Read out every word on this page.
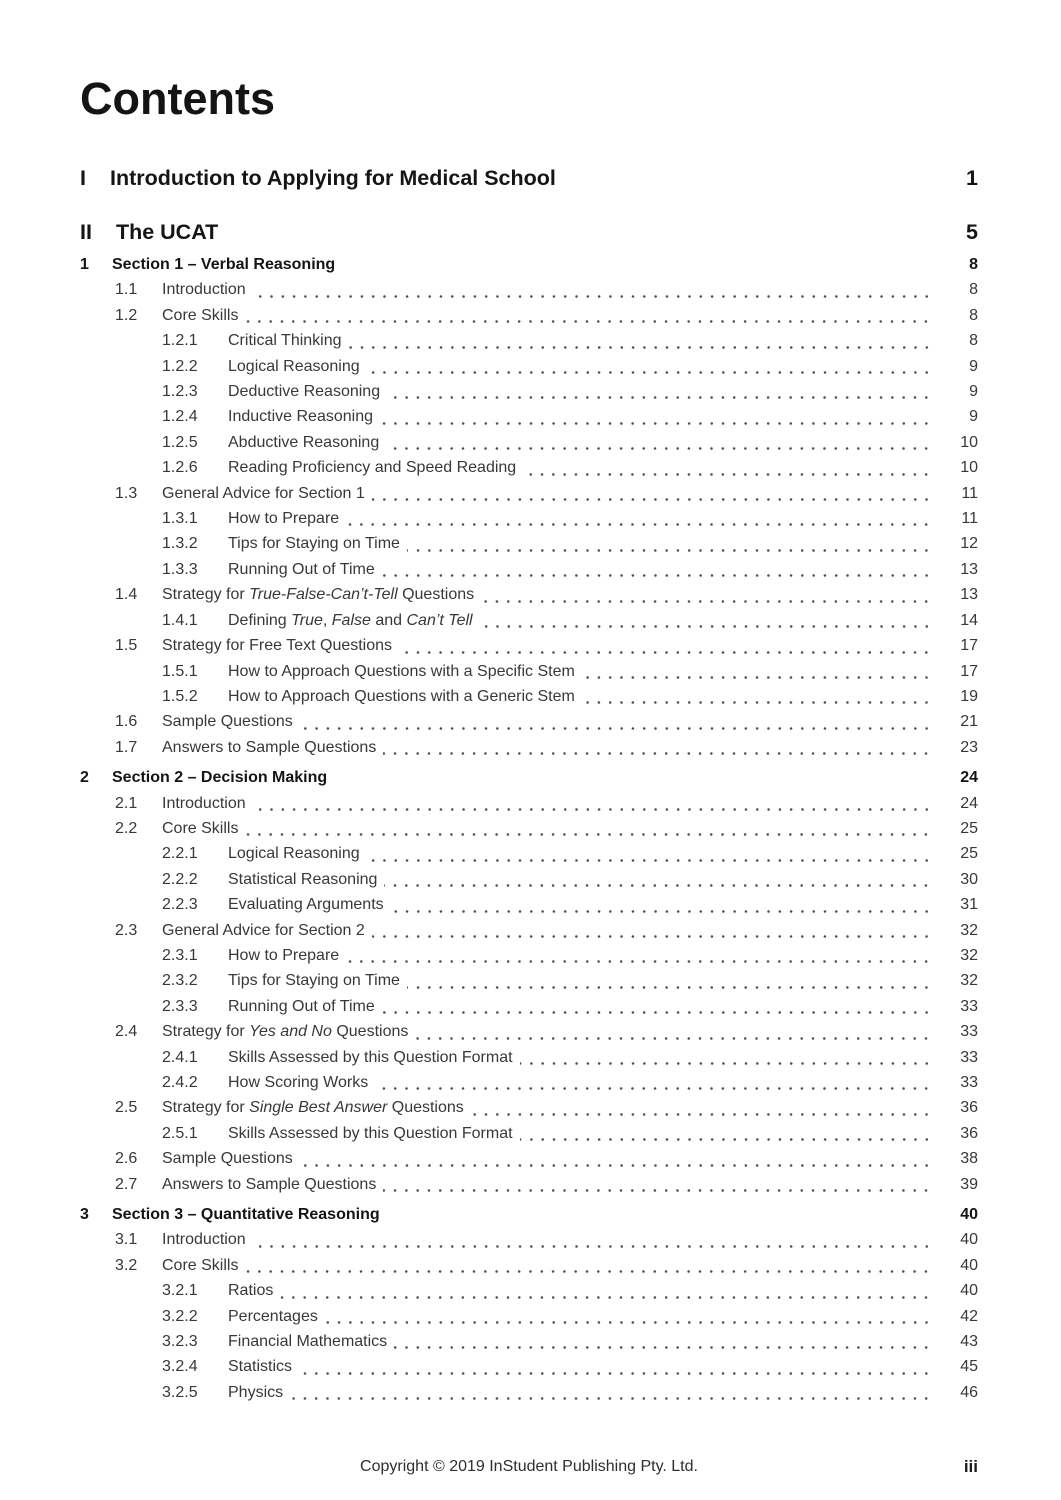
Contents
I Introduction to Applying for Medical School	1
II The UCAT	5
1	Section 1 – Verbal Reasoning	8
1.1	Introduction	8
1.2	Core Skills	8
1.2.1	Critical Thinking	8
1.2.2	Logical Reasoning	9
1.2.3	Deductive Reasoning	9
1.2.4	Inductive Reasoning	9
1.2.5	Abductive Reasoning	10
1.2.6	Reading Proficiency and Speed Reading	10
1.3	General Advice for Section 1	11
1.3.1	How to Prepare	11
1.3.2	Tips for Staying on Time	12
1.3.3	Running Out of Time	13
1.4	Strategy for True-False-Can’t-Tell Questions	13
1.4.1	Defining True, False and Can’t Tell	14
1.5	Strategy for Free Text Questions	17
1.5.1	How to Approach Questions with a Specific Stem	17
1.5.2	How to Approach Questions with a Generic Stem	19
1.6	Sample Questions	21
1.7	Answers to Sample Questions	23
2	Section 2 – Decision Making	24
2.1	Introduction	24
2.2	Core Skills	25
2.2.1	Logical Reasoning	25
2.2.2	Statistical Reasoning	30
2.2.3	Evaluating Arguments	31
2.3	General Advice for Section 2	32
2.3.1	How to Prepare	32
2.3.2	Tips for Staying on Time	32
2.3.3	Running Out of Time	33
2.4	Strategy for Yes and No Questions	33
2.4.1	Skills Assessed by this Question Format	33
2.4.2	How Scoring Works	33
2.5	Strategy for Single Best Answer Questions	36
2.5.1	Skills Assessed by this Question Format	36
2.6	Sample Questions	38
2.7	Answers to Sample Questions	39
3	Section 3 – Quantitative Reasoning	40
3.1	Introduction	40
3.2	Core Skills	40
3.2.1	Ratios	40
3.2.2	Percentages	42
3.2.3	Financial Mathematics	43
3.2.4	Statistics	45
3.2.5	Physics	46
Copyright © 2019 InStudent Publishing Pty. Ltd.	iii
